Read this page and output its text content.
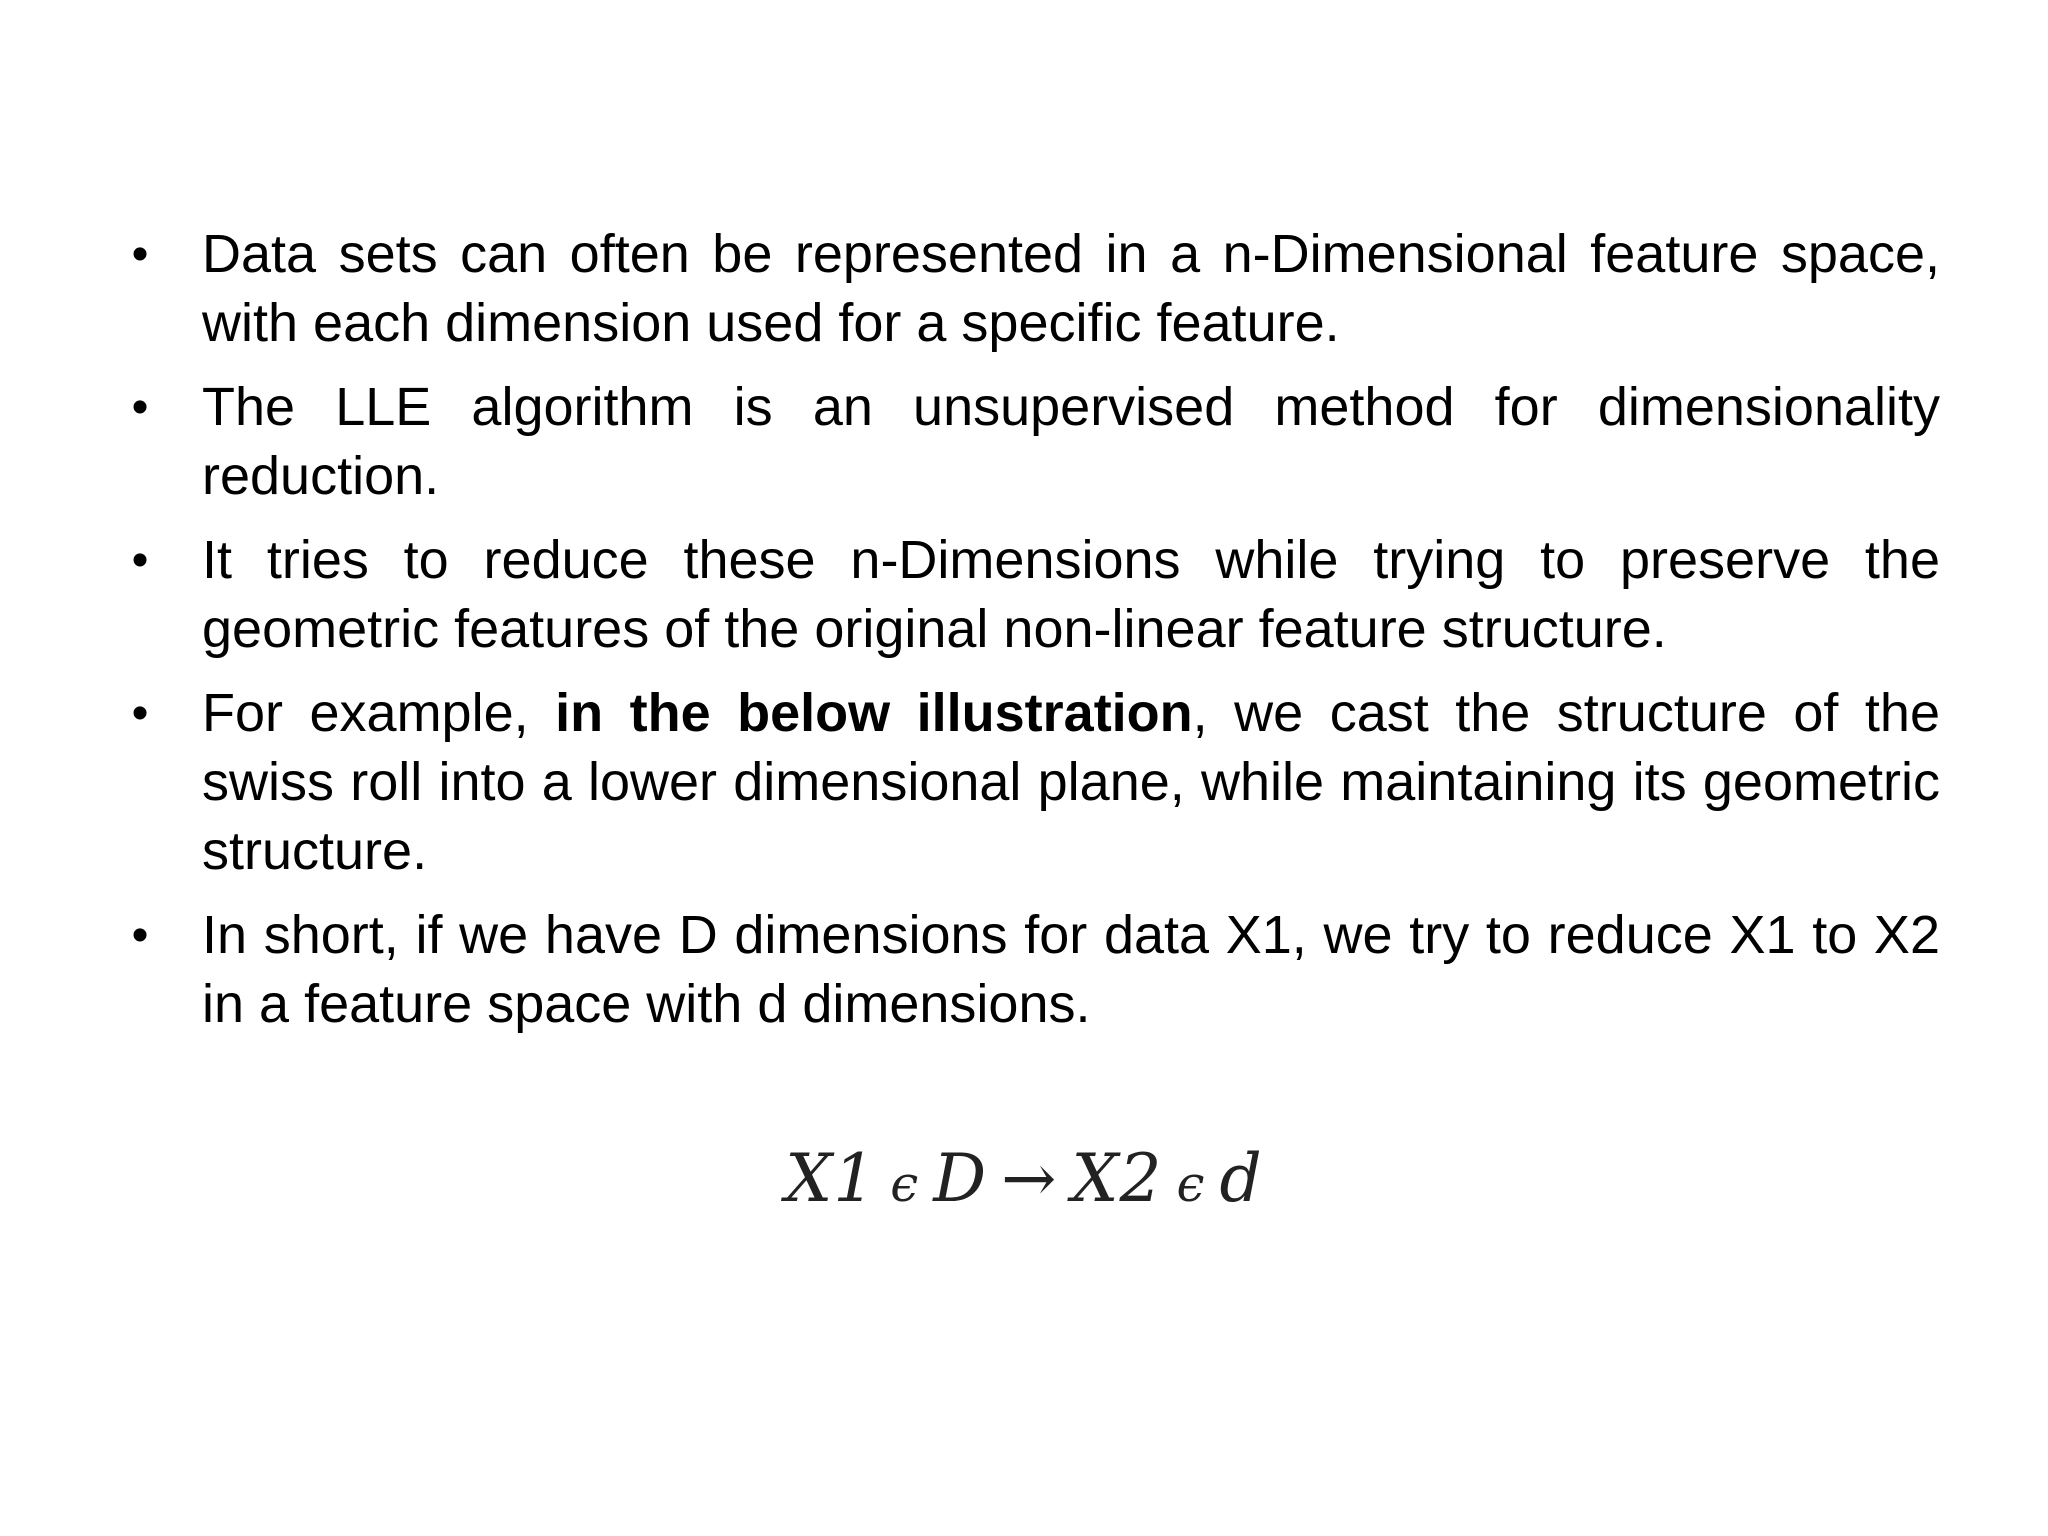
• Data sets can often be represented in a n-Dimensional feature space, with each dimension used for a specific feature.
• The LLE algorithm is an unsupervised method for dimensionality reduction.
• It tries to reduce these n-Dimensions while trying to preserve the geometric features of the original non-linear feature structure.
• For example, in the below illustration, we cast the structure of the swiss roll into a lower dimensional plane, while maintaining its geometric structure.
• In short, if we have D dimensions for data X1, we try to reduce X1 to X2 in a feature space with d dimensions.
X1 ϵ D → X2 ϵ d
